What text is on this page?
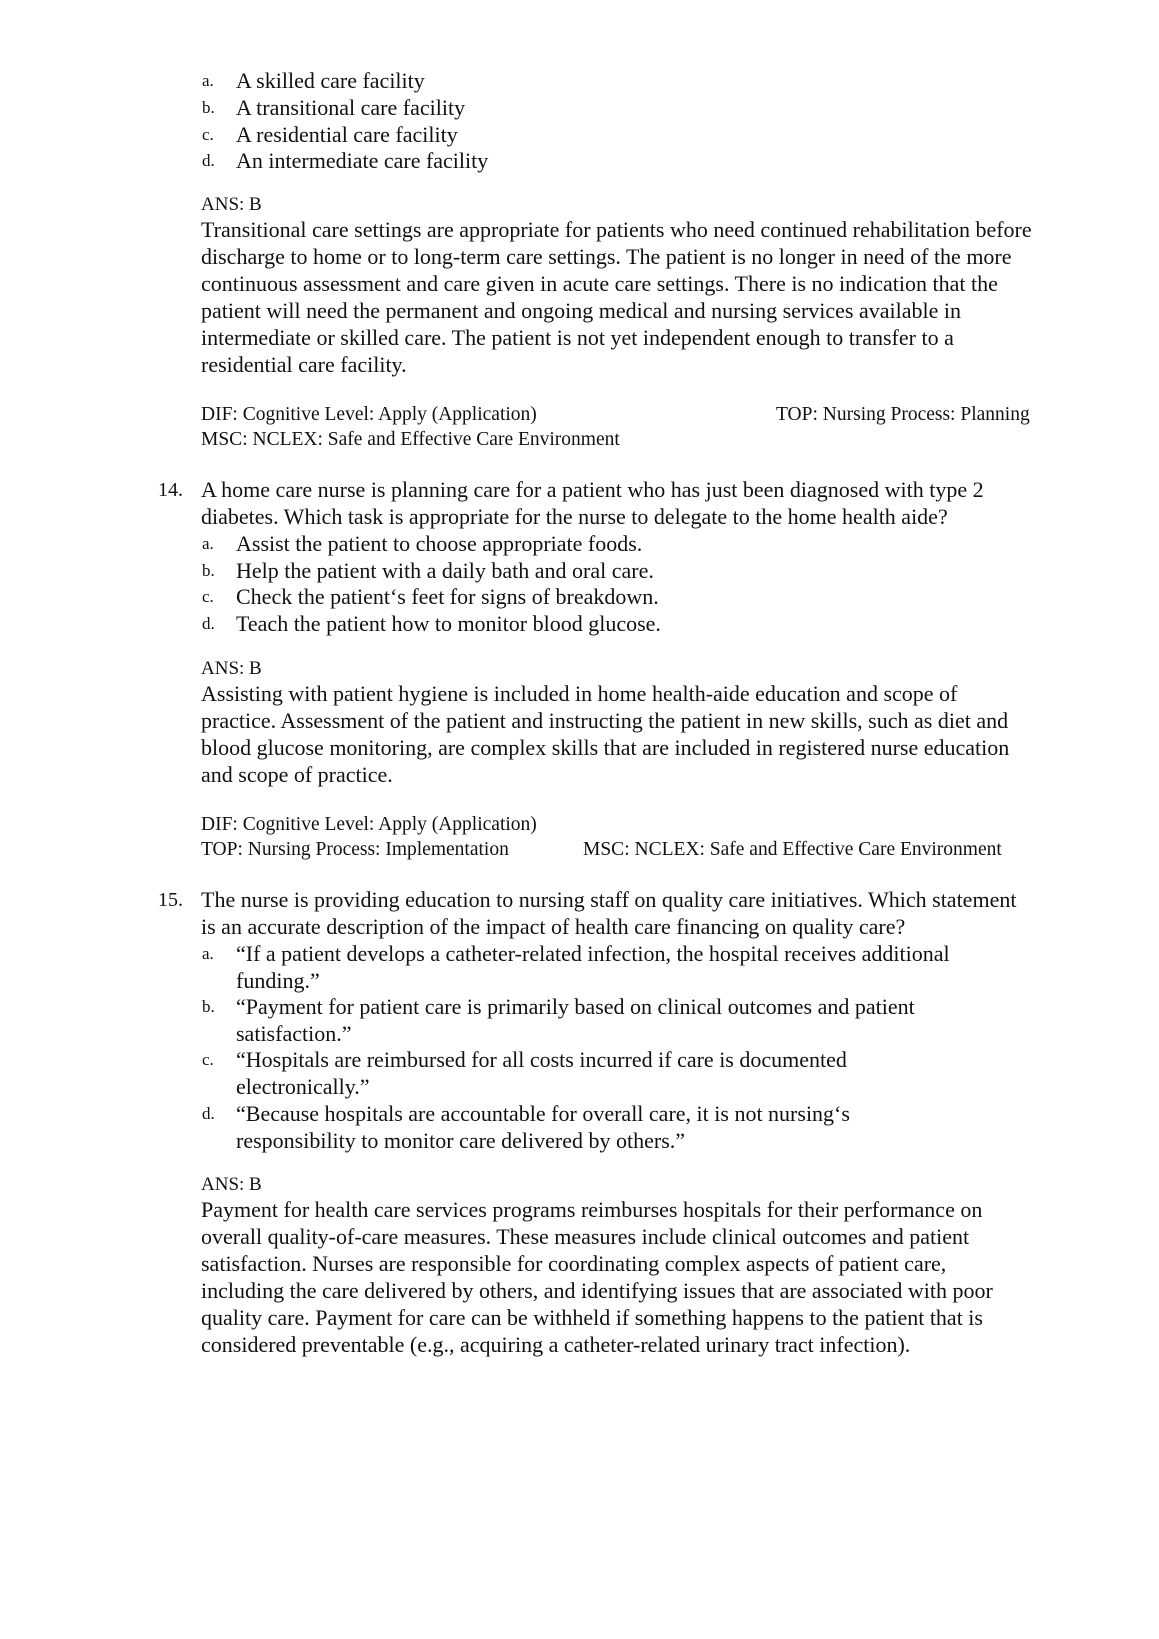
a. A skilled care facility
b. A transitional care facility
c. A residential care facility
d. An intermediate care facility
ANS: B
Transitional care settings are appropriate for patients who need continued rehabilitation before
discharge to home or to long-term care settings. The patient is no longer in need of the more
continuous assessment and care given in acute care settings. There is no indication that the
patient will need the permanent and ongoing medical and nursing services available in
intermediate or skilled care. The patient is not yet independent enough to transfer to a
residential care facility.
DIF: Cognitive Level: Apply (Application)	TOP: Nursing Process: Planning
MSC: NCLEX: Safe and Effective Care Environment
14. A home care nurse is planning care for a patient who has just been diagnosed with type 2
diabetes. Which task is appropriate for the nurse to delegate to the home health aide?
a. Assist the patient to choose appropriate foods.
b. Help the patient with a daily bath and oral care.
c. Check the patient‘s feet for signs of breakdown.
d. Teach the patient how to monitor blood glucose.
ANS: B
Assisting with patient hygiene is included in home health-aide education and scope of
practice. Assessment of the patient and instructing the patient in new skills, such as diet and
blood glucose monitoring, are complex skills that are included in registered nurse education
and scope of practice.
DIF: Cognitive Level: Apply (Application)
TOP: Nursing Process: Implementation	MSC: NCLEX: Safe and Effective Care Environment
15. The nurse is providing education to nursing staff on quality care initiatives. Which statement
is an accurate description of the impact of health care financing on quality care?
a. “If a patient develops a catheter-related infection, the hospital receives additional
funding.”
b. “Payment for patient care is primarily based on clinical outcomes and patient
satisfaction.”
c. “Hospitals are reimbursed for all costs incurred if care is documented
electronically.”
d. “Because hospitals are accountable for overall care, it is not nursing‘s
responsibility to monitor care delivered by others.”
ANS: B
Payment for health care services programs reimburses hospitals for their performance on
overall quality-of-care measures. These measures include clinical outcomes and patient
satisfaction. Nurses are responsible for coordinating complex aspects of patient care,
including the care delivered by others, and identifying issues that are associated with poor
quality care. Payment for care can be withheld if something happens to the patient that is
considered preventable (e.g., acquiring a catheter-related urinary tract infection).
